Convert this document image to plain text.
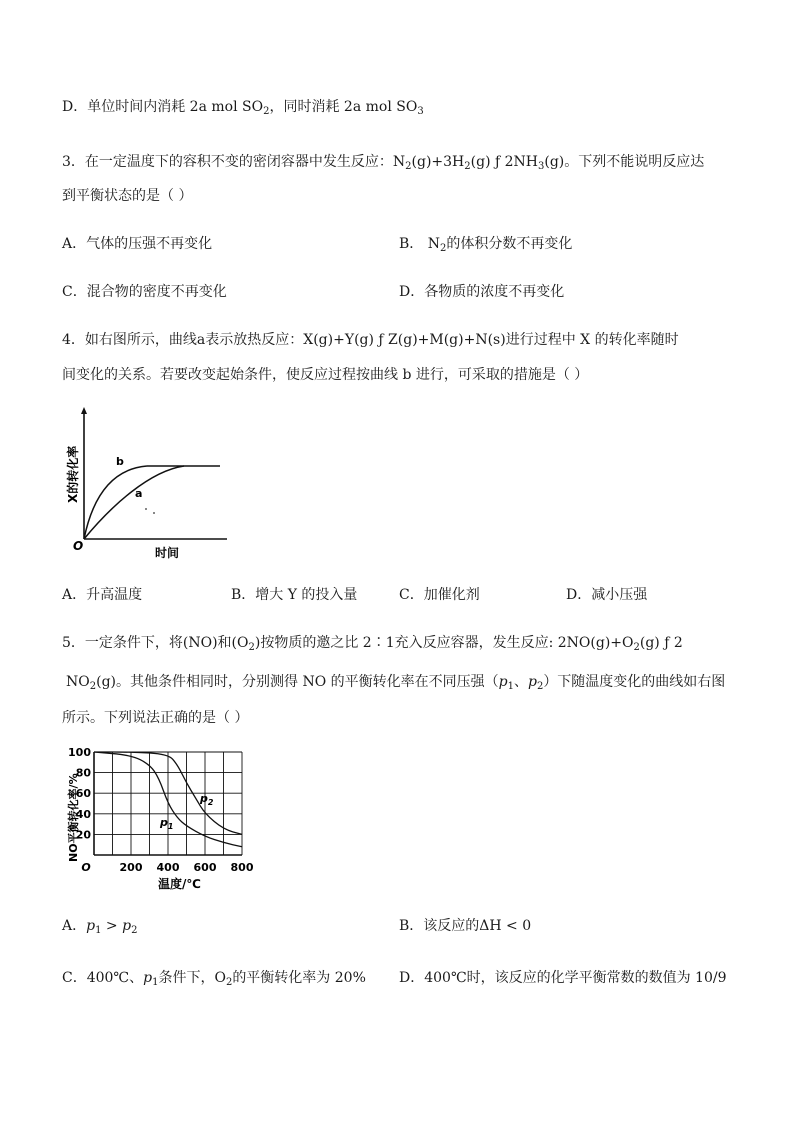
D．单位时间内消耗 2a mol $SO_2$，同时消耗 2a mol $SO_3$
3．在一定温度下的容积不变的密闭容器中发生反应：$N_2(g)+3H_2(g)$ ƒ $2NH_3(g)$。下列不能说明反应达
到平衡状态的是（ ）
A．气体的压强不再变化	B． $N_2$的体积分数不再变化
C．混合物的密度不再变化	D．各物质的浓度不再变化
4．如右图所示，曲线a表示放热反应：X(g)+Y(g) ƒ Z(g)+M(g)+N(s)进行过程中 X 的转化率随时
间变化的关系。若要改变起始条件，使反应过程按曲线 b 进行，可采取的措施是（ ）
b
a
O	时间
X的转化率
A．升高温度	B．增大 Y 的投入量	C．加催化剂	D．减小压强
5．一定条件下，将(NO)和$(O_2)$按物质的邀之比 2∶1充入反应容器，发生反应: $2NO(g)+O_2(g)$ ƒ 2
$NO_2(g)$。其他条件相同时，分别测得 NO 的平衡转化率在不同压强（$p_1$、$p_2$）下随温度变化的曲线如右图
所示。下列说法正确的是（ ）
20
40
60
80
100
O	200 400 600 800
$p_1$
$p_2$
温度/℃
NO平衡转化率/%
A．$p_1 > p_2$	B．该反应的ΔH < 0
C．400℃、$p_1$条件下，$O_2$的平衡转化率为 20% D．400℃时，该反应的化学平衡常数的数值为 10/9
